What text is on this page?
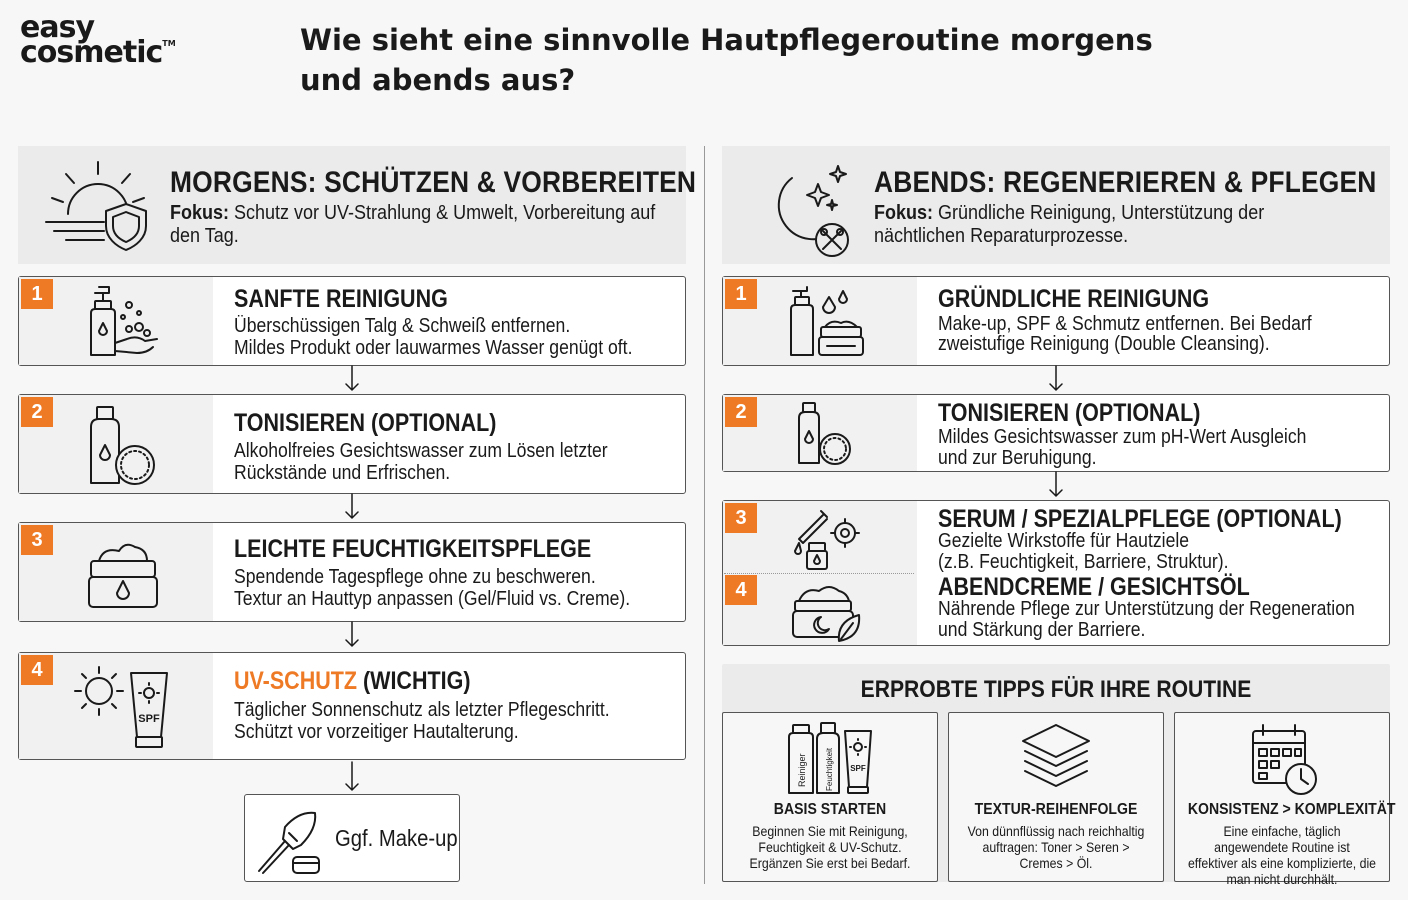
easy
cosmetic™	Wie sieht eine sinnvolle Hautpflegeroutine morgens und abends aus?
MORGENS: SCHÜTZEN & VORBEREITEN
Fokus: Schutz vor UV-Strahlung & Umwelt, Vorbereitung auf den Tag.
1	SANFTE REINIGUNG
Überschüssigen Talg & Schweiß entfernen.
Mildes Produkt oder lauwarmes Wasser genügt oft.
2	TONISIEREN (OPTIONAL)
Alkoholfreies Gesichtswasser zum Lösen letzter
Rückstände und Erfrischen.
3	LEICHTE FEUCHTIGKEITSPFLEGE
Spendende Tagespflege ohne zu beschweren.
Textur an Hauttyp anpassen (Gel/Fluid vs. Creme).
4
SPF
UV-SCHUTZ (WICHTIG)
Täglicher Sonnenschutz als letzter Pflegeschritt.
Schützt vor vorzeitiger Hautalterung.
Ggf. Make-up
ABENDS: REGENERIEREN & PFLEGEN
Fokus: Gründliche Reinigung, Unterstützung der
nächtlichen Reparaturprozesse.
1	GRÜNDLICHE REINIGUNG
Make-up, SPF & Schmutz entfernen. Bei Bedarf
zweistufige Reinigung (Double Cleansing).
2	TONISIEREN (OPTIONAL)
Mildes Gesichtswasser zum pH-Wert Ausgleich
und zur Beruhigung.
3
4
SERUM / SPEZIALPFLEGE (OPTIONAL)
Gezielte Wirkstoffe für Hautziele
(z.B. Feuchtigkeit, Barriere, Struktur).
ABENDCREME / GESICHTSÖL
Nährende Pflege zur Unterstützung der Regeneration
und Stärkung der Barriere.
ERPROBTE TIPPS FÜR IHRE ROUTINE
Reiniger Feuchtigkeit SPF
BASIS STARTEN
Beginnen Sie mit Reinigung, Feuchtigkeit & UV-Schutz. Ergänzen Sie erst bei Bedarf.
TEXTUR-REIHENFOLGE
Von dünnflüssig nach reichhaltig auftragen: Toner > Seren > Cremes > Öl.
KONSISTENZ > KOMPLEXITÄT
Eine einfache, täglich angewendete Routine ist effektiver als eine komplizierte, die man nicht durchhält.
